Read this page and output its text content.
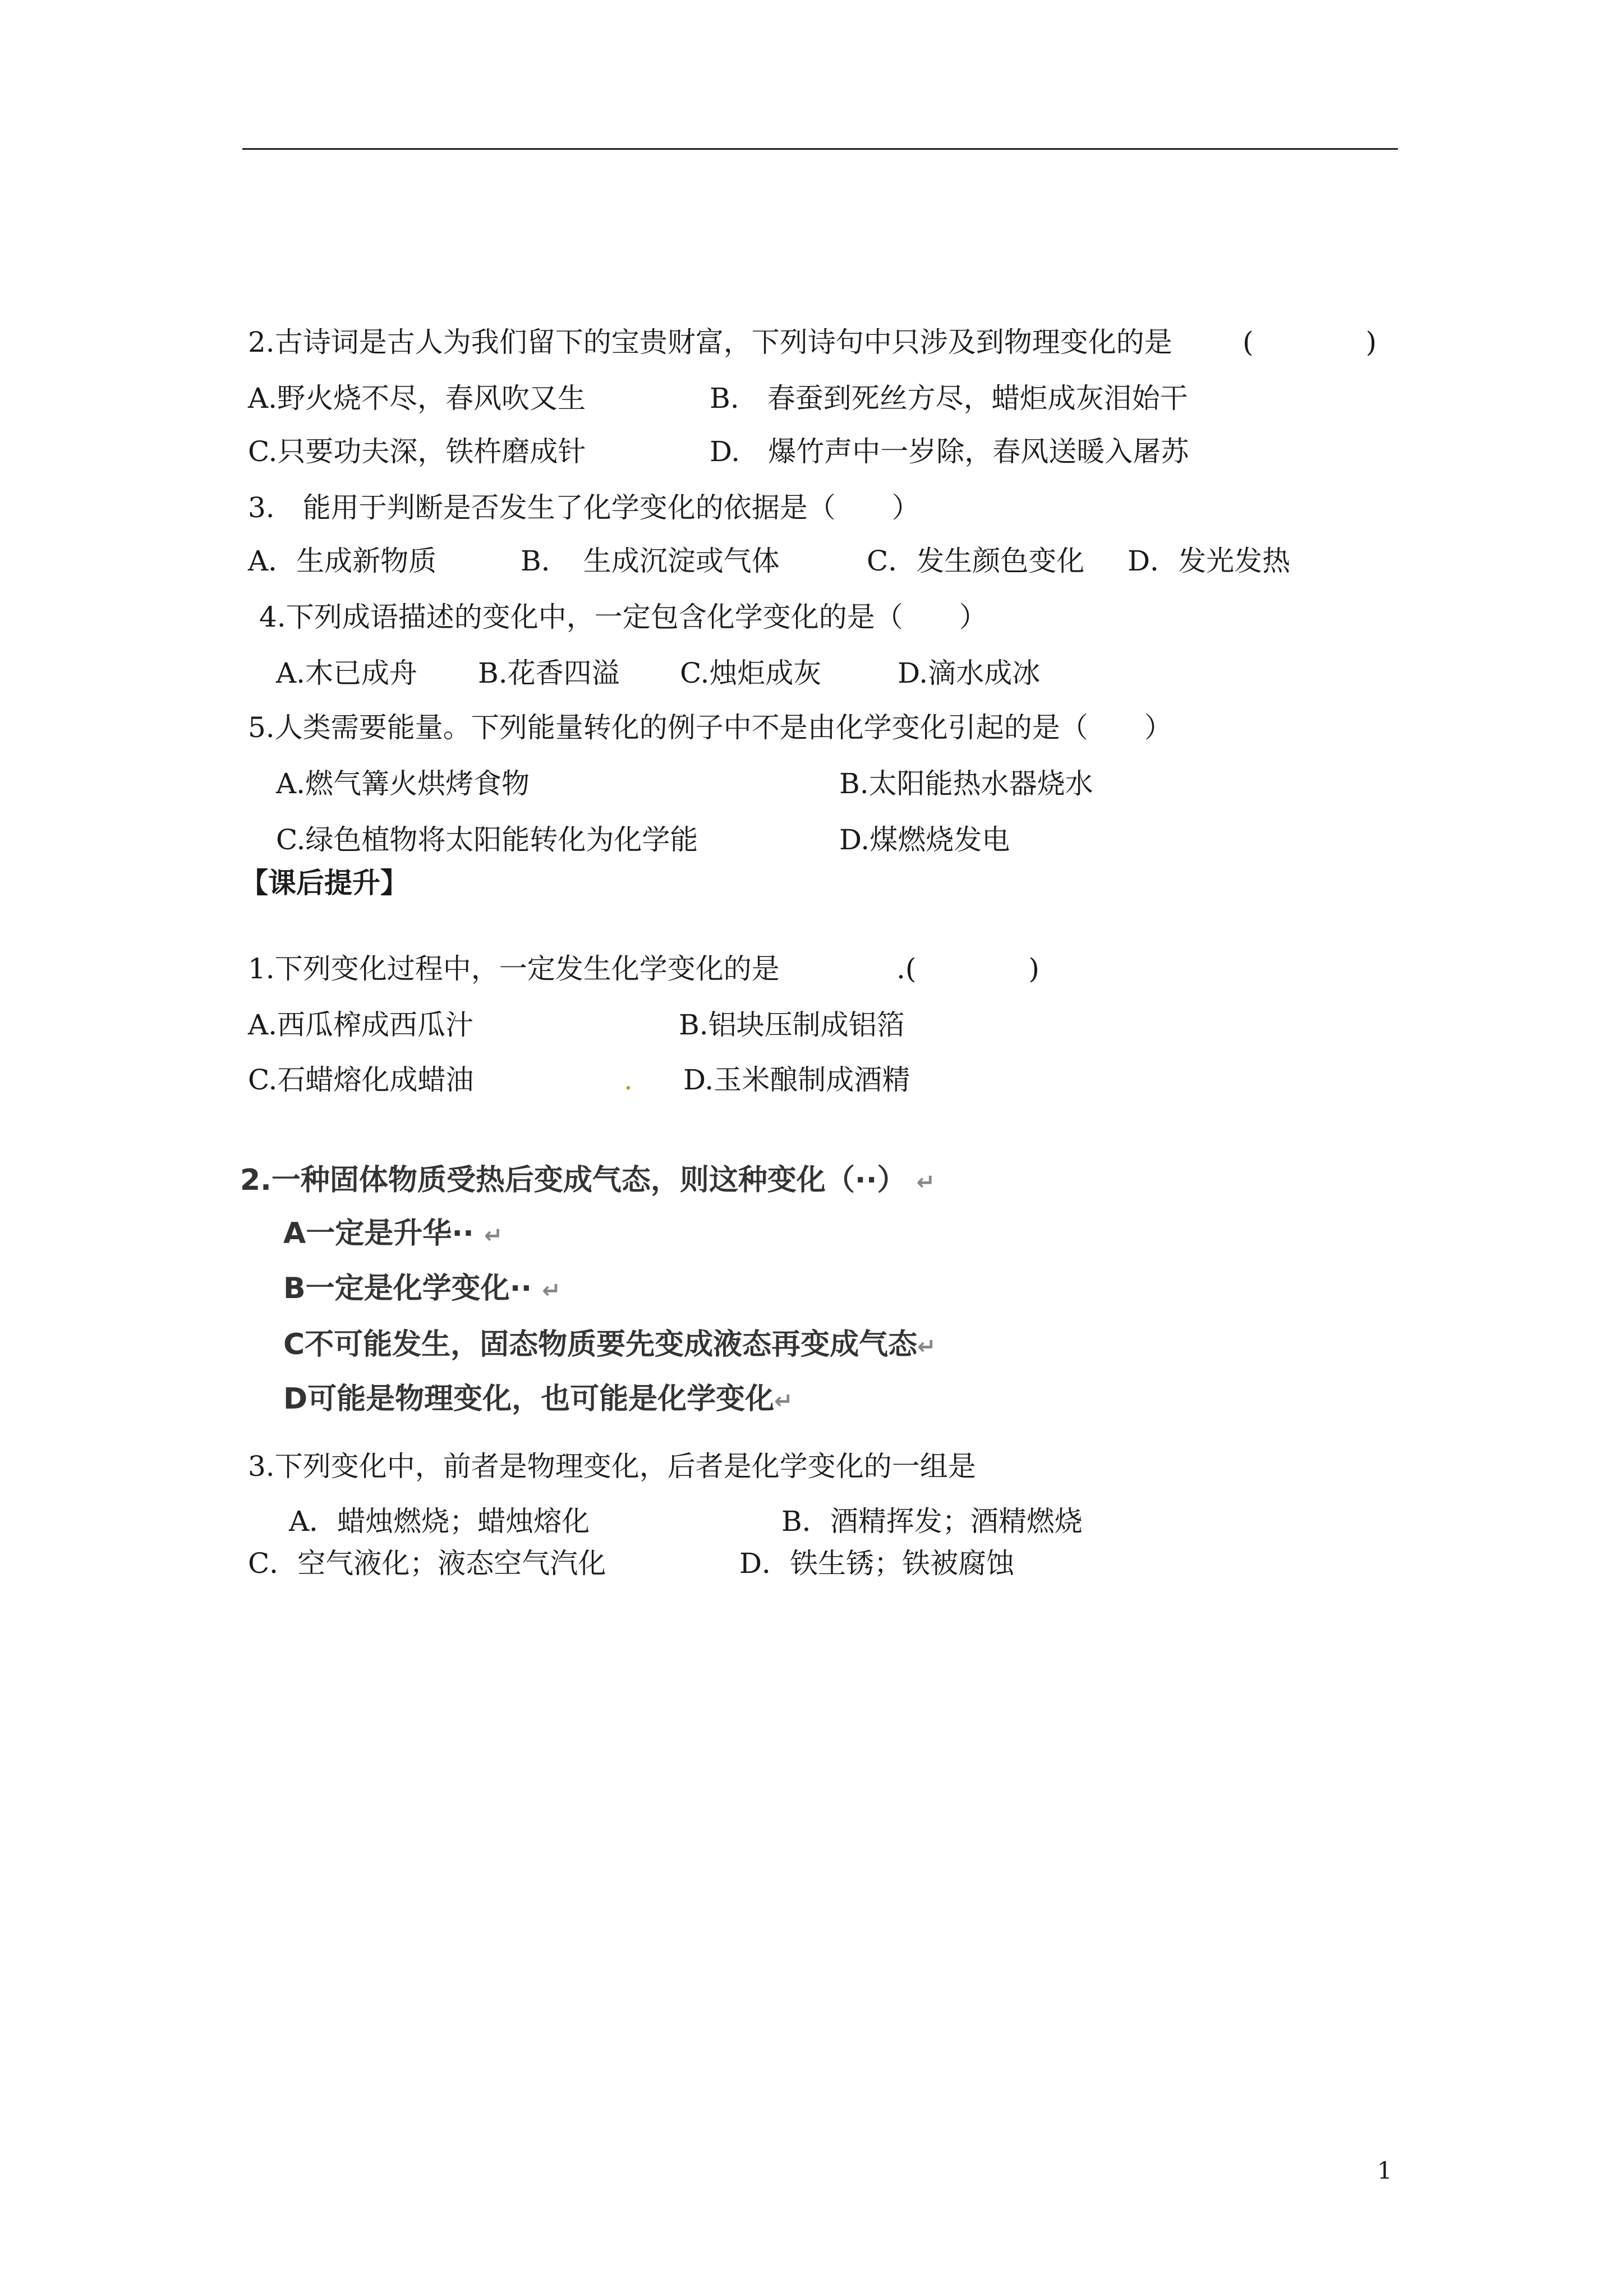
2.古诗词是古人为我们留下的宝贵财富，下列诗句中只涉及到物理变化的是	(　　　　)
A.野火烧不尽，春风吹又生	B.　春蚕到死丝方尽，蜡炬成灰泪始干
C.只要功夫深，铁杵磨成针	D.　爆竹声中一岁除，春风送暖入屠苏
3.　能用于判断是否发生了化学变化的依据是（　　）
A．生成新物质	B．　生成沉淀或气体	C．发生颜色变化 D．发光发热
4.下列成语描述的变化中，一定包含化学变化的是（　　）
A.木已成舟 B.花香四溢 C.烛炬成灰	D.滴水成冰
5.人类需要能量。下列能量转化的例子中不是由化学变化引起的是（　　）
A.燃气篝火烘烤食物	B.太阳能热水器烧水
C.绿色植物将太阳能转化为化学能	D.煤燃烧发电
【课后提升】
1.下列变化过程中，一定发生化学变化的是	.(　　　　)
A.西瓜榨成西瓜汁	B.铝块压制成铝箔
C.石蜡熔化成蜡油	. D.玉米酿制成酒精
2.一种固体物质受热后变成气态，则这种变化（··） ↵
A一定是升华·· ↵
B一定是化学变化·· ↵
C不可能发生，固态物质要先变成液态再变成气态↵
D可能是物理变化，也可能是化学变化↵
3.下列变化中，前者是物理变化，后者是化学变化的一组是
A．蜡烛燃烧；蜡烛熔化	B．酒精挥发；酒精燃烧
C．空气液化；液态空气汽化	D．铁生锈；铁被腐蚀
1
